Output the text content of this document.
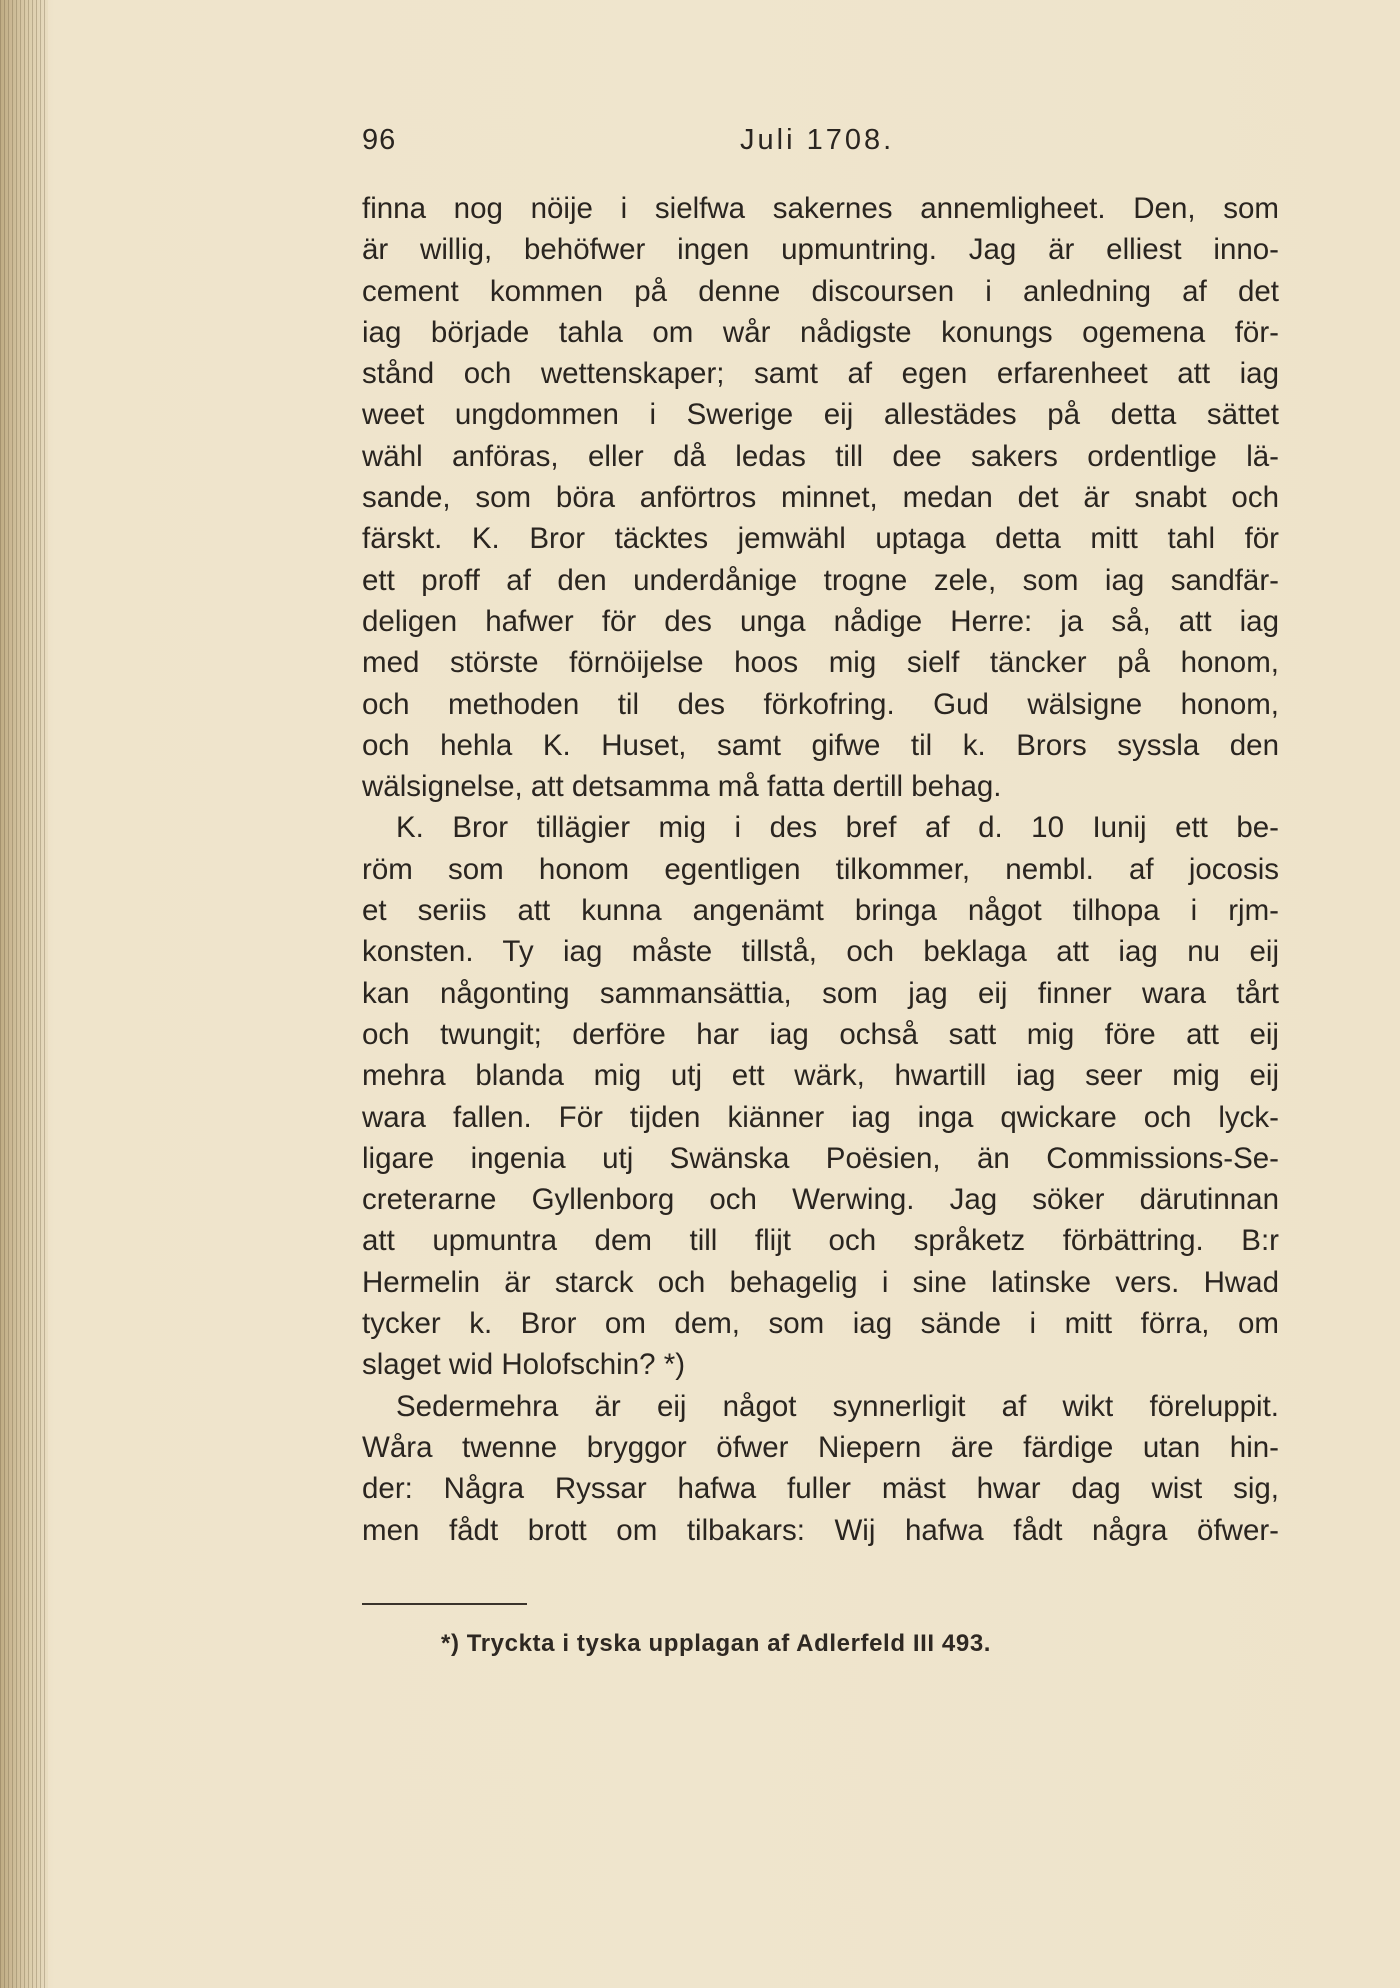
96	Juli 1708.
finna nog nöije i sielfwa sakernes annemligheet. Den, som
är willig, behöfwer ingen upmuntring. Jag är elliest inno-
cement kommen på denne discoursen i anledning af det
iag började tahla om wår nådigste konungs ogemena för-
stånd och wettenskaper; samt af egen erfarenheet att iag
weet ungdommen i Swerige eij allestädes på detta sättet
wähl anföras, eller då ledas till dee sakers ordentlige lä-
sande, som böra anförtros minnet, medan det är snabt och
färskt. K. Bror täcktes jemwähl uptaga detta mitt tahl för
ett proff af den underdånige trogne zele, som iag sandfär-
deligen hafwer för des unga nådige Herre: ja så, att iag
med störste förnöijelse hoos mig sielf täncker på honom,
och methoden til des förkofring. Gud wälsigne honom,
och hehla K. Huset, samt gifwe til k. Brors syssla den
wälsignelse, att detsamma må fatta dertill behag.
K. Bror tillägier mig i des bref af d. 10 Iunij ett be-
röm som honom egentligen tilkommer, nembl. af jocosis
et seriis att kunna angenämt bringa något tilhopa i rjm-
konsten. Ty iag måste tillstå, och beklaga att iag nu eij
kan någonting sammansättia, som jag eij finner wara tårt
och twungit; derföre har iag ochså satt mig före att eij
mehra blanda mig utj ett wärk, hwartill iag seer mig eij
wara fallen. För tijden kiänner iag inga qwickare och lyck-
ligare ingenia utj Swänska Poësien, än Commissions-Se-
creterarne Gyllenborg och Werwing. Jag söker därutinnan
att upmuntra dem till flijt och språketz förbättring. B:r
Hermelin är starck och behagelig i sine latinske vers. Hwad
tycker k. Bror om dem, som iag sände i mitt förra, om
slaget wid Holofschin? *)
Sedermehra är eij något synnerligit af wikt föreluppit.
Wåra twenne bryggor öfwer Niepern äre färdige utan hin-
der: Några Ryssar hafwa fuller mäst hwar dag wist sig,
men fådt brott om tilbakars: Wij hafwa fådt några öfwer-
*) Tryckta i tyska upplagan af Adlerfeld III 493.
